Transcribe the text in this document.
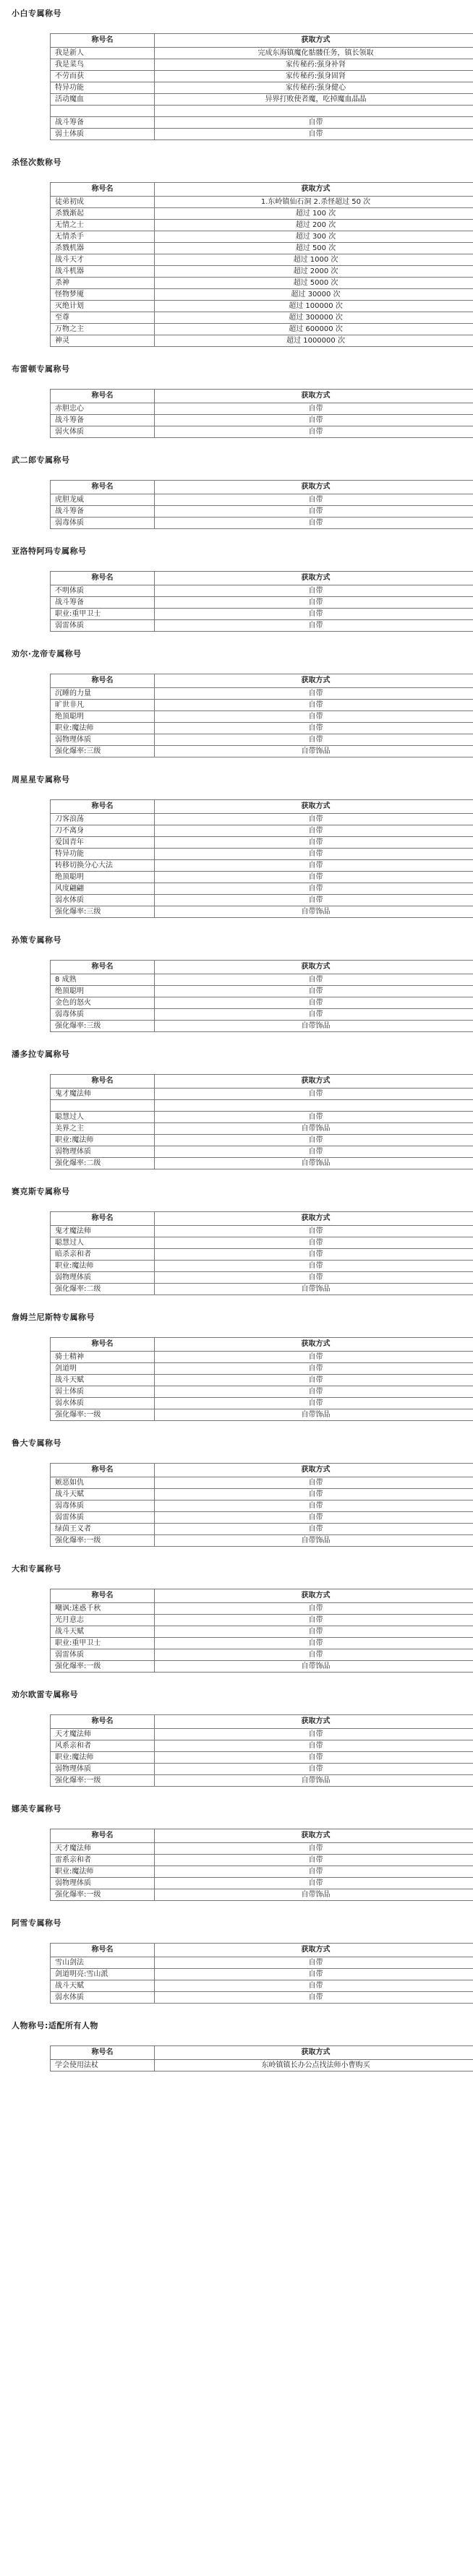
小白专属称号
称号名	获取方式
我是新人	完成东海镇魔化骷髅任务，镇长领取
我是菜鸟	家传秘药:强身补肾
不劳而获	家传秘药:强身固肾
特异功能	家传秘药:强身健心
活动魔血	异界打败使者魔，吃掉魔血晶晶

战斗筹备	自带
弱土体质	自带
杀怪次数称号
称号名	获取方式
徒弟初成	1.东岭镇仙石洞 2.杀怪超过 50 次
杀戮渐起	超过 100 次
无情之士	超过 200 次
无情杀手	超过 300 次
杀戮机器	超过 500 次
战斗天才	超过 1000 次
战斗机器	超过 2000 次
杀神	超过 5000 次
怪物梦魇	超过 30000 次
灭绝计划	超过 100000 次
至尊	超过 300000 次
万物之主	超过 600000 次
神灵	超过 1000000 次
布雷顿专属称号
称号名	获取方式
赤胆忠心	自带
战斗筹备	自带
弱火体质	自带
武二郎专属称号
称号名	获取方式
虎胆龙威	自带
战斗筹备	自带
弱毒体质	自带
亚洛特阿玛专属称号
称号名	获取方式
不明体质	自带
战斗筹备	自带
职业:重甲卫士	自带
弱雷体质	自带
劝尔·龙帝专属称号
称号名	获取方式
沉睡的力量	自带
旷世非凡	自带
绝顶聪明	自带
职业:魔法师	自带
弱物理体质	自带
强化爆率:三级	自带饰品
周星星专属称号
称号名	获取方式
刀客浪荡	自带
刀不离身	自带
爱国青年	自带
特异功能	自带
转移切换分心大法	自带
绝顶聪明	自带
风度翩翩	自带
弱水体质	自带
强化爆率:三级	自带饰品
孙策专属称号
称号名	获取方式
8 成熟	自带
绝顶聪明	自带
金色的怒火	自带
弱毒体质	自带
强化爆率:三级	自带饰品
潘多拉专属称号
称号名	获取方式
鬼才魔法师	自带

聪慧过人	自带
美界之主	自带饰品
职业:魔法师	自带
弱物理体质	自带
强化爆率:二级	自带饰品
赛克斯专属称号
称号名	获取方式
鬼才魔法师	自带
聪慧过人	自带
暗杀亲和者	自带
职业:魔法师	自带
弱物理体质	自带
强化爆率:二级	自带饰品
詹姆兰尼斯特专属称号
称号名	获取方式
骑士精神	自带
剑道明	自带
战斗天赋	自带
弱土体质	自带
弱水体质	自带
强化爆率:一级	自带饰品
鲁大专属称号
称号名	获取方式
嫉恶如仇	自带
战斗天赋	自带
弱毒体质	自带
弱雷体质	自带
绿茵王义者	自带
强化爆率:一级	自带饰品
大和专属称号
称号名	获取方式
嘲讽:迷惑千秋	自带
光月意志	自带
战斗天赋	自带
职业:重甲卫士	自带
弱雷体质	自带
强化爆率:一级	自带饰品
劝尔欧雷专属称号
称号名	获取方式
天才魔法师	自带
风系亲和者	自带
职业:魔法师	自带
弱物理体质	自带
强化爆率:一级	自带饰品
娜美专属称号
称号名	获取方式
天才魔法师	自带
雷系亲和者	自带
职业:魔法师	自带
弱物理体质	自带
强化爆率:一级	自带饰品
阿雪专属称号
称号名	获取方式
雪山剑法	自带
剑道明亮:雪山派	自带
战斗天赋	自带
弱水体质	自带
人物称号:适配所有人物
称号名	获取方式
学会使用法杖	东岭镇镇长办公点找法师小曹购买
